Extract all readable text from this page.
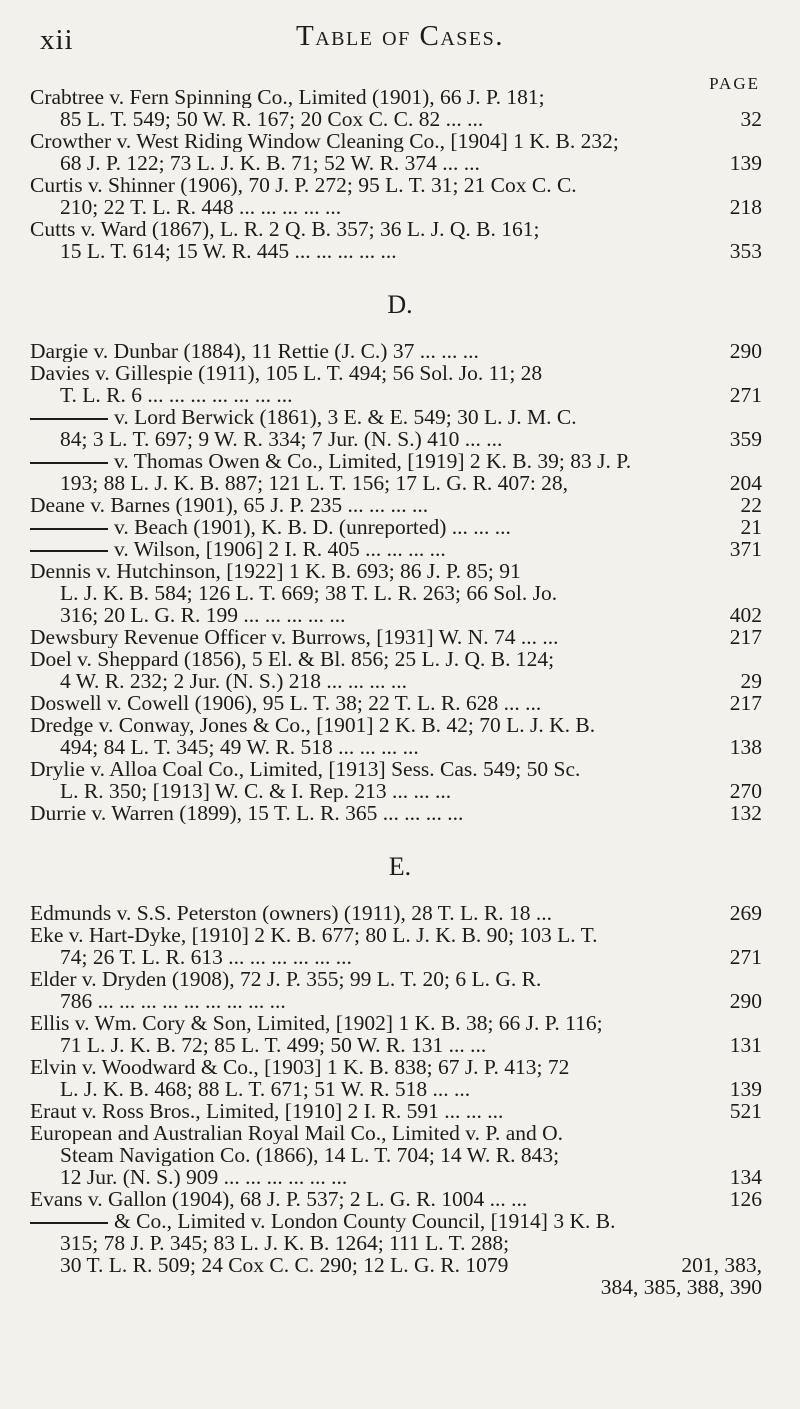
xii	Table of Cases.
PAGE
Crabtree v. Fern Spinning Co., Limited (1901), 66 J. P. 181;
85 L. T. 549; 50 W. R. 167; 20 Cox C. C. 82 ... ...	32
Crowther v. West Riding Window Cleaning Co., [1904] 1 K. B. 232;
68 J. P. 122; 73 L. J. K. B. 71; 52 W. R. 374 ... ...	139
Curtis v. Shinner (1906), 70 J. P. 272; 95 L. T. 31; 21 Cox C. C.
210; 22 T. L. R. 448 ... ... ... ... ...	218
Cutts v. Ward (1867), L. R. 2 Q. B. 357; 36 L. J. Q. B. 161;
15 L. T. 614; 15 W. R. 445 ... ... ... ... ...	353
D.
Dargie v. Dunbar (1884), 11 Rettie (J. C.) 37 ... ... ...	290
Davies v. Gillespie (1911), 105 L. T. 494; 56 Sol. Jo. 11; 28
T. L. R. 6 ... ... ... ... ... ... ...	271
v. Lord Berwick (1861), 3 E. & E. 549; 30 L. J. M. C.
84; 3 L. T. 697; 9 W. R. 334; 7 Jur. (N. S.) 410 ... ...	359
v. Thomas Owen & Co., Limited, [1919] 2 K. B. 39; 83 J. P.
193; 88 L. J. K. B. 887; 121 L. T. 156; 17 L. G. R. 407: 28,	204
Deane v. Barnes (1901), 65 J. P. 235 ... ... ... ...	22
v. Beach (1901), K. B. D. (unreported) ... ... ...	21
v. Wilson, [1906] 2 I. R. 405 ... ... ... ...	371
Dennis v. Hutchinson, [1922] 1 K. B. 693; 86 J. P. 85; 91
L. J. K. B. 584; 126 L. T. 669; 38 T. L. R. 263; 66 Sol. Jo.
316; 20 L. G. R. 199 ... ... ... ... ...	402
Dewsbury Revenue Officer v. Burrows, [1931] W. N. 74 ... ...	217
Doel v. Sheppard (1856), 5 El. & Bl. 856; 25 L. J. Q. B. 124;
4 W. R. 232; 2 Jur. (N. S.) 218 ... ... ... ...	29
Doswell v. Cowell (1906), 95 L. T. 38; 22 T. L. R. 628 ... ...	217
Dredge v. Conway, Jones & Co., [1901] 2 K. B. 42; 70 L. J. K. B.
494; 84 L. T. 345; 49 W. R. 518 ... ... ... ...	138
Drylie v. Alloa Coal Co., Limited, [1913] Sess. Cas. 549; 50 Sc.
L. R. 350; [1913] W. C. & I. Rep. 213 ... ... ...	270
Durrie v. Warren (1899), 15 T. L. R. 365 ... ... ... ...	132
E.
Edmunds v. S.S. Peterston (owners) (1911), 28 T. L. R. 18 ...	269
Eke v. Hart-Dyke, [1910] 2 K. B. 677; 80 L. J. K. B. 90; 103 L. T.
74; 26 T. L. R. 613 ... ... ... ... ... ...	271
Elder v. Dryden (1908), 72 J. P. 355; 99 L. T. 20; 6 L. G. R.
786 ... ... ... ... ... ... ... ... ...	290
Ellis v. Wm. Cory & Son, Limited, [1902] 1 K. B. 38; 66 J. P. 116;
71 L. J. K. B. 72; 85 L. T. 499; 50 W. R. 131 ... ...	131
Elvin v. Woodward & Co., [1903] 1 K. B. 838; 67 J. P. 413; 72
L. J. K. B. 468; 88 L. T. 671; 51 W. R. 518 ... ...	139
Eraut v. Ross Bros., Limited, [1910] 2 I. R. 591 ... ... ...	521
European and Australian Royal Mail Co., Limited v. P. and O.
Steam Navigation Co. (1866), 14 L. T. 704; 14 W. R. 843;
12 Jur. (N. S.) 909 ... ... ... ... ... ...	134
Evans v. Gallon (1904), 68 J. P. 537; 2 L. G. R. 1004 ... ...	126
& Co., Limited v. London County Council, [1914] 3 K. B.
315; 78 J. P. 345; 83 L. J. K. B. 1264; 111 L. T. 288;
30 T. L. R. 509; 24 Cox C. C. 290; 12 L. G. R. 1079	201, 383,
384, 385, 388, 390
